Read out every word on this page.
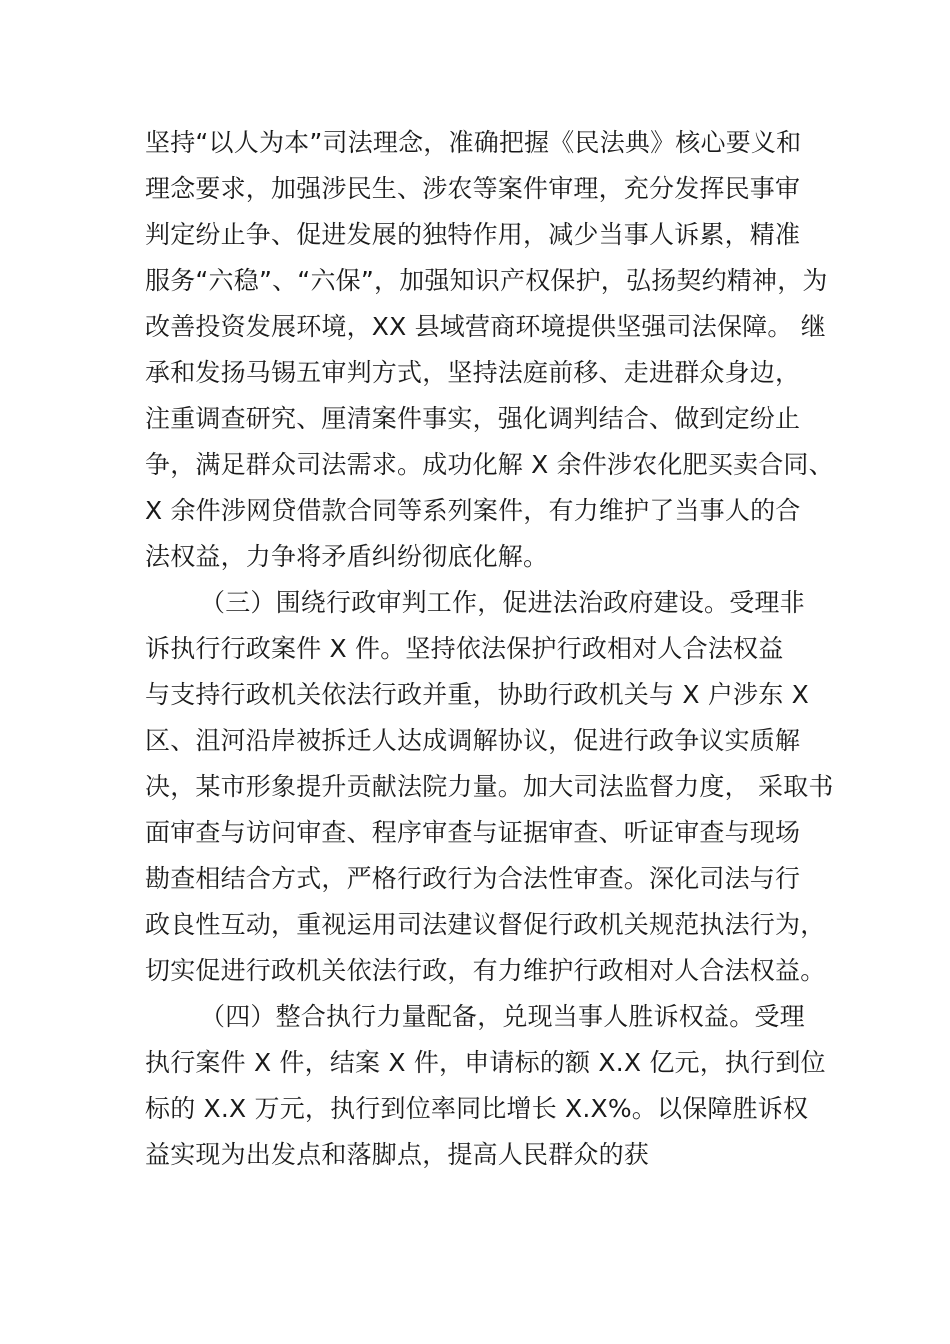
坚持“以人为本”司法理念，准确把握《民法典》核心要义和
理念要求，加强涉民生、涉农等案件审理，充分发挥民事审
判定纷止争、促进发展的独特作用，减少当事人诉累，精准
服务“六稳”、“六保”，加强知识产权保护，弘扬契约精神，为
改善投资发展环境，XX 县域营商环境提供坚强司法保障。 继
承和发扬马锡五审判方式，坚持法庭前移、走进群众身边，
注重调查研究、厘清案件事实，强化调判结合、做到定纷止
争，满足群众司法需求。成功化解 X 余件涉农化肥买卖合同、
X 余件涉网贷借款合同等系列案件，有力维护了当事人的合
法权益，力争将矛盾纠纷彻底化解。
（三）围绕行政审判工作，促进法治政府建设。受理非
诉执行行政案件 X 件。坚持依法保护行政相对人合法权益
与支持行政机关依法行政并重，协助行政机关与 X 户涉东 X
区、沮河沿岸被拆迁人达成调解协议，促进行政争议实质解
决，某市形象提升贡献法院力量。加大司法监督力度， 采取书
面审查与访问审查、程序审查与证据审查、听证审查与现场
勘查相结合方式，严格行政行为合法性审查。深化司法与行
政良性互动，重视运用司法建议督促行政机关规范执法行为，
切实促进行政机关依法行政，有力维护行政相对人合法权益。
（四）整合执行力量配备，兑现当事人胜诉权益。受理
执行案件 X 件，结案 X 件，申请标的额 X.X 亿元，执行到位
标的 X.X 万元，执行到位率同比增长 X.X%。以保障胜诉权
益实现为出发点和落脚点，提高人民群众的获
